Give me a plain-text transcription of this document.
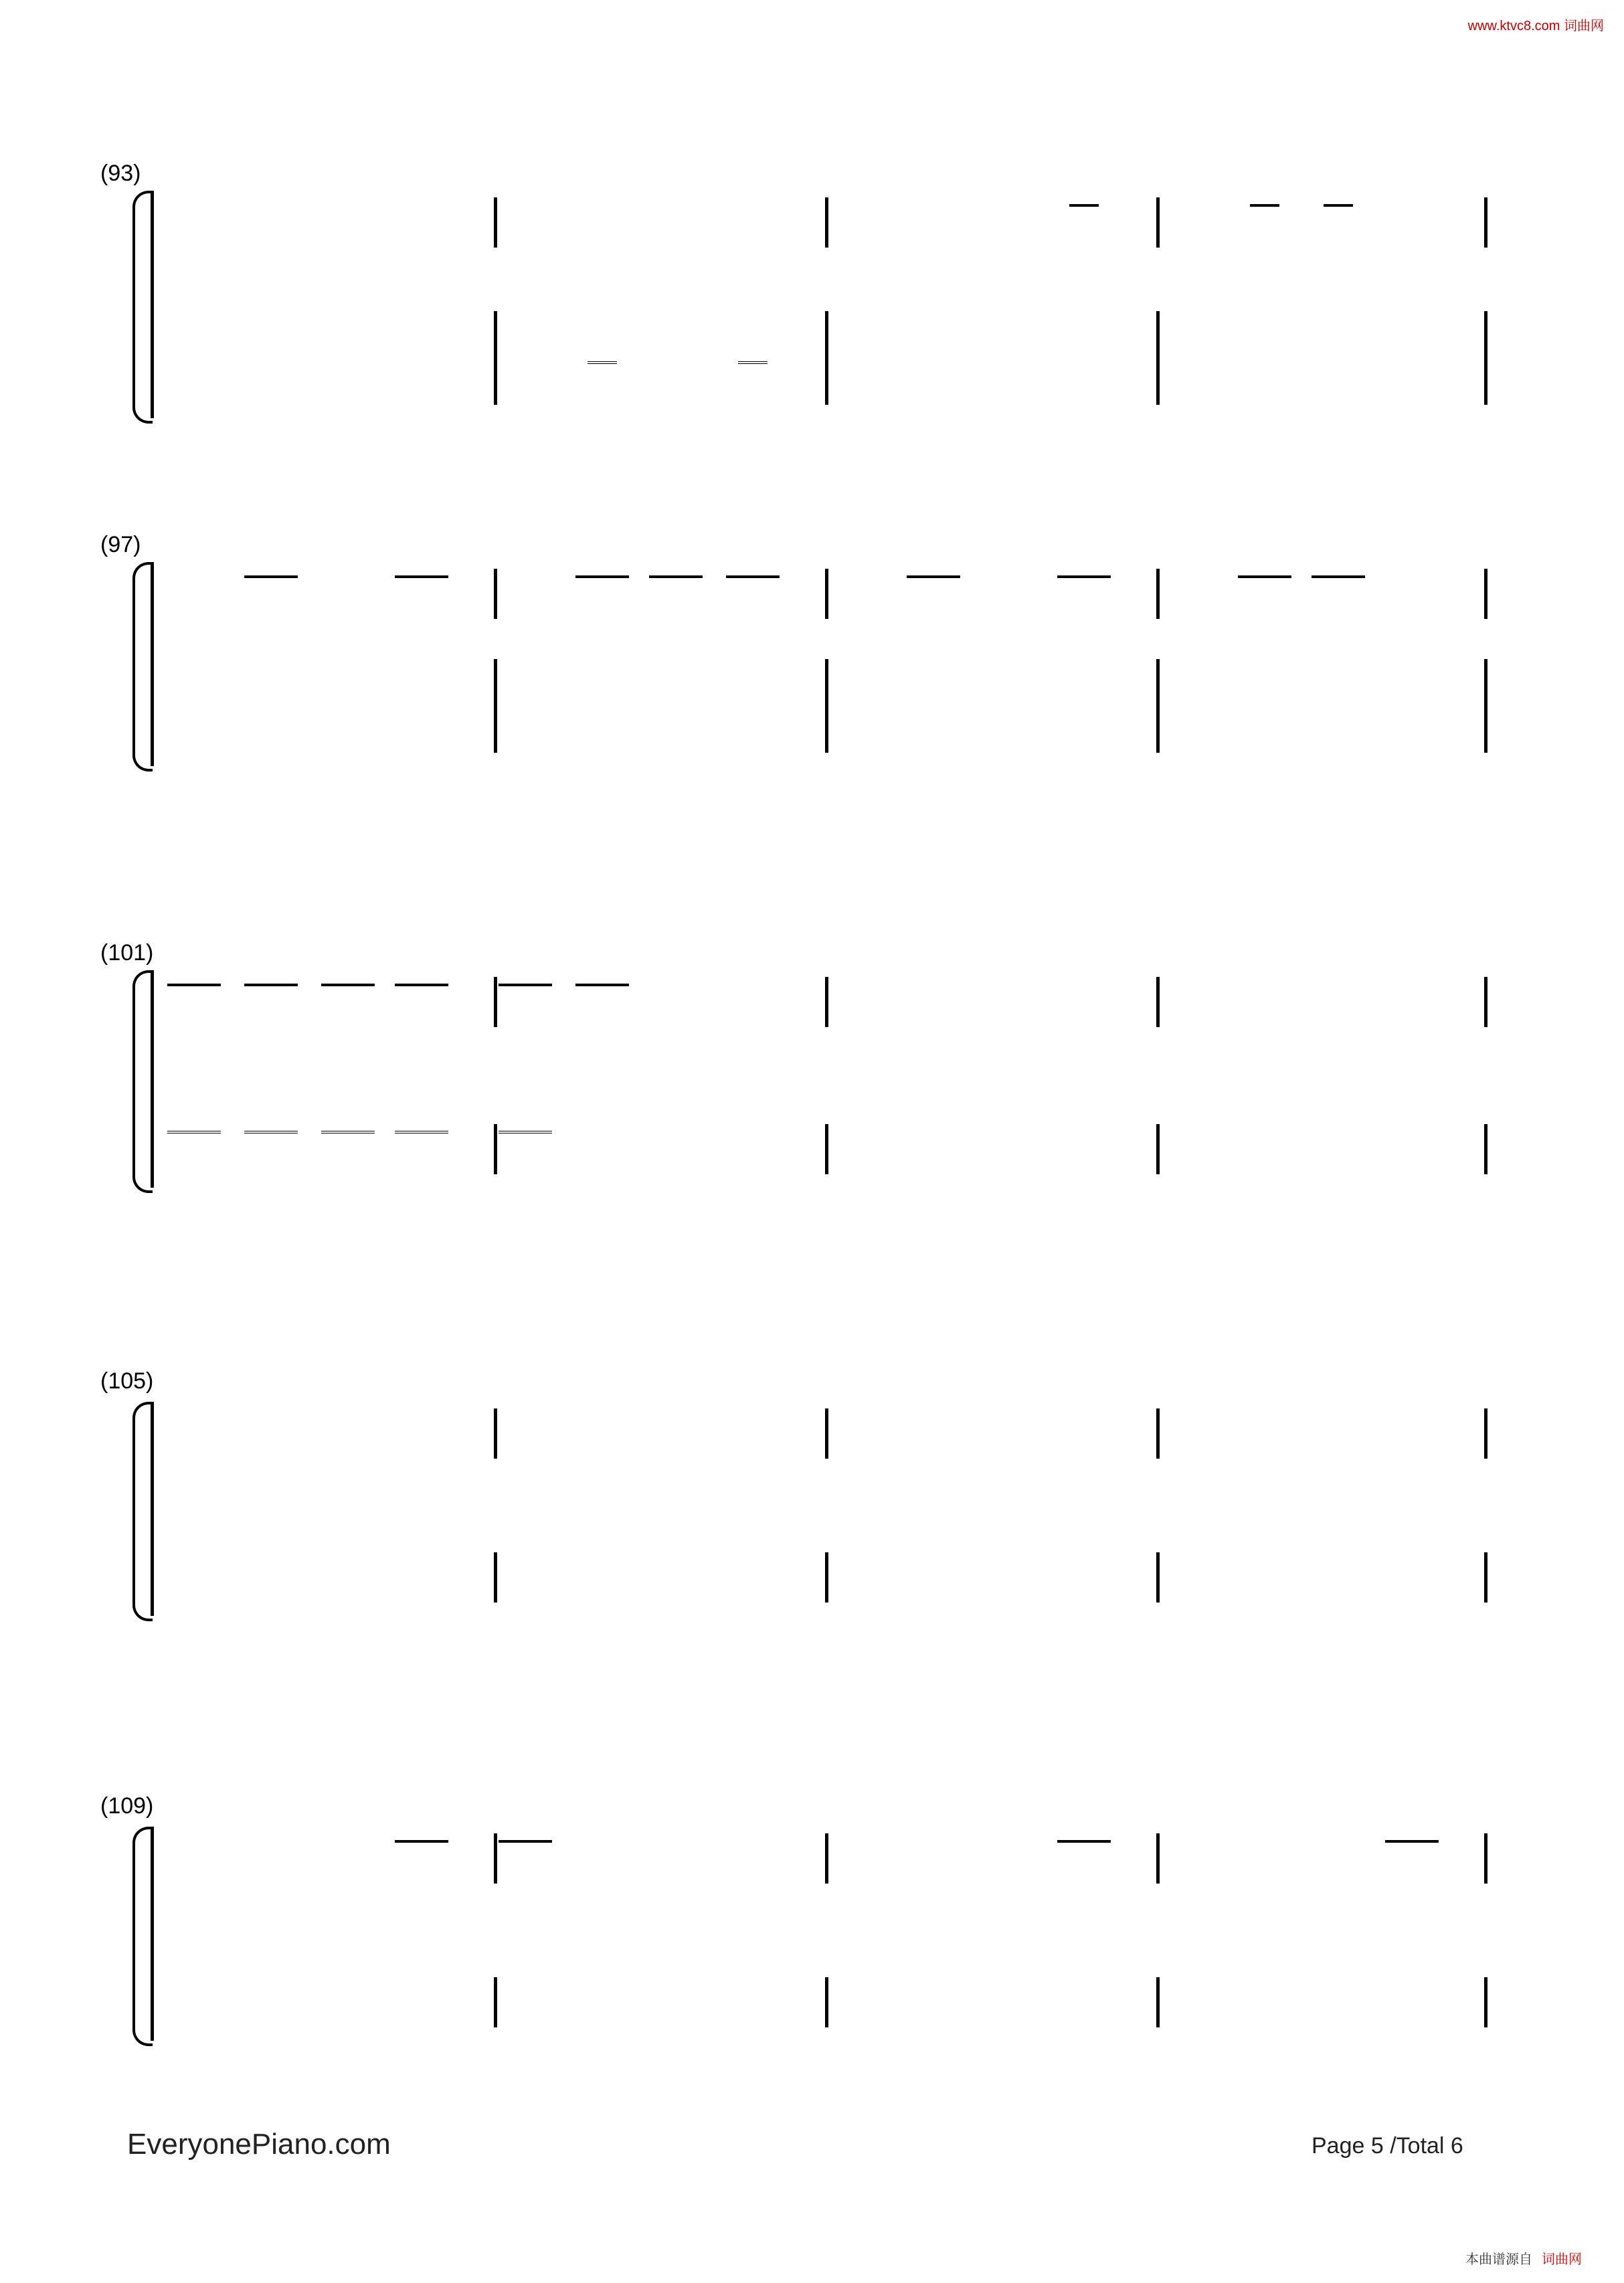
www.ktvc8.com 词曲网
(93)
(97)
(101)
(105)
(109)
EveryonePiano.com	Page 5 /Total 6
本曲谱源自 词曲网
